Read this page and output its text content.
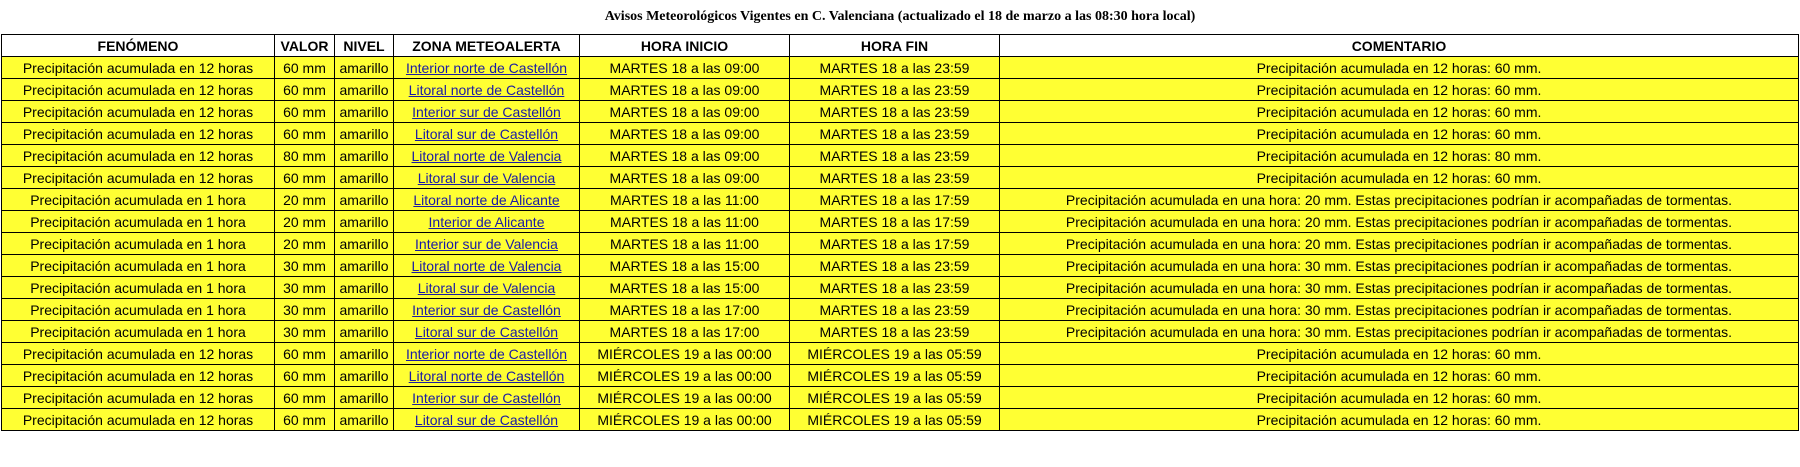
Avisos Meteorológicos Vigentes en C. Valenciana (actualizado el 18 de marzo a las 08:30 hora local)
FENÓMENO	VALOR	NIVEL	ZONA METEOALERTA	HORA INICIO	HORA FIN	COMENTARIO
Precipitación acumulada en 12 horas	60 mm	amarillo	Interior norte de Castellón	MARTES 18 a las 09:00	MARTES 18 a las 23:59	Precipitación acumulada en 12 horas: 60 mm.
Precipitación acumulada en 12 horas	60 mm	amarillo	Litoral norte de Castellón	MARTES 18 a las 09:00	MARTES 18 a las 23:59	Precipitación acumulada en 12 horas: 60 mm.
Precipitación acumulada en 12 horas	60 mm	amarillo	Interior sur de Castellón	MARTES 18 a las 09:00	MARTES 18 a las 23:59	Precipitación acumulada en 12 horas: 60 mm.
Precipitación acumulada en 12 horas	60 mm	amarillo	Litoral sur de Castellón	MARTES 18 a las 09:00	MARTES 18 a las 23:59	Precipitación acumulada en 12 horas: 60 mm.
Precipitación acumulada en 12 horas	80 mm	amarillo	Litoral norte de Valencia	MARTES 18 a las 09:00	MARTES 18 a las 23:59	Precipitación acumulada en 12 horas: 80 mm.
Precipitación acumulada en 12 horas	60 mm	amarillo	Litoral sur de Valencia	MARTES 18 a las 09:00	MARTES 18 a las 23:59	Precipitación acumulada en 12 horas: 60 mm.
Precipitación acumulada en 1 hora	20 mm	amarillo	Litoral norte de Alicante	MARTES 18 a las 11:00	MARTES 18 a las 17:59	Precipitación acumulada en una hora: 20 mm. Estas precipitaciones podrían ir acompañadas de tormentas.
Precipitación acumulada en 1 hora	20 mm	amarillo	Interior de Alicante	MARTES 18 a las 11:00	MARTES 18 a las 17:59	Precipitación acumulada en una hora: 20 mm. Estas precipitaciones podrían ir acompañadas de tormentas.
Precipitación acumulada en 1 hora	20 mm	amarillo	Interior sur de Valencia	MARTES 18 a las 11:00	MARTES 18 a las 17:59	Precipitación acumulada en una hora: 20 mm. Estas precipitaciones podrían ir acompañadas de tormentas.
Precipitación acumulada en 1 hora	30 mm	amarillo	Litoral norte de Valencia	MARTES 18 a las 15:00	MARTES 18 a las 23:59	Precipitación acumulada en una hora: 30 mm. Estas precipitaciones podrían ir acompañadas de tormentas.
Precipitación acumulada en 1 hora	30 mm	amarillo	Litoral sur de Valencia	MARTES 18 a las 15:00	MARTES 18 a las 23:59	Precipitación acumulada en una hora: 30 mm. Estas precipitaciones podrían ir acompañadas de tormentas.
Precipitación acumulada en 1 hora	30 mm	amarillo	Interior sur de Castellón	MARTES 18 a las 17:00	MARTES 18 a las 23:59	Precipitación acumulada en una hora: 30 mm. Estas precipitaciones podrían ir acompañadas de tormentas.
Precipitación acumulada en 1 hora	30 mm	amarillo	Litoral sur de Castellón	MARTES 18 a las 17:00	MARTES 18 a las 23:59	Precipitación acumulada en una hora: 30 mm. Estas precipitaciones podrían ir acompañadas de tormentas.
Precipitación acumulada en 12 horas	60 mm	amarillo	Interior norte de Castellón	MIÉRCOLES 19 a las 00:00	MIÉRCOLES 19 a las 05:59	Precipitación acumulada en 12 horas: 60 mm.
Precipitación acumulada en 12 horas	60 mm	amarillo	Litoral norte de Castellón	MIÉRCOLES 19 a las 00:00	MIÉRCOLES 19 a las 05:59	Precipitación acumulada en 12 horas: 60 mm.
Precipitación acumulada en 12 horas	60 mm	amarillo	Interior sur de Castellón	MIÉRCOLES 19 a las 00:00	MIÉRCOLES 19 a las 05:59	Precipitación acumulada en 12 horas: 60 mm.
Precipitación acumulada en 12 horas	60 mm	amarillo	Litoral sur de Castellón	MIÉRCOLES 19 a las 00:00	MIÉRCOLES 19 a las 05:59	Precipitación acumulada en 12 horas: 60 mm.
